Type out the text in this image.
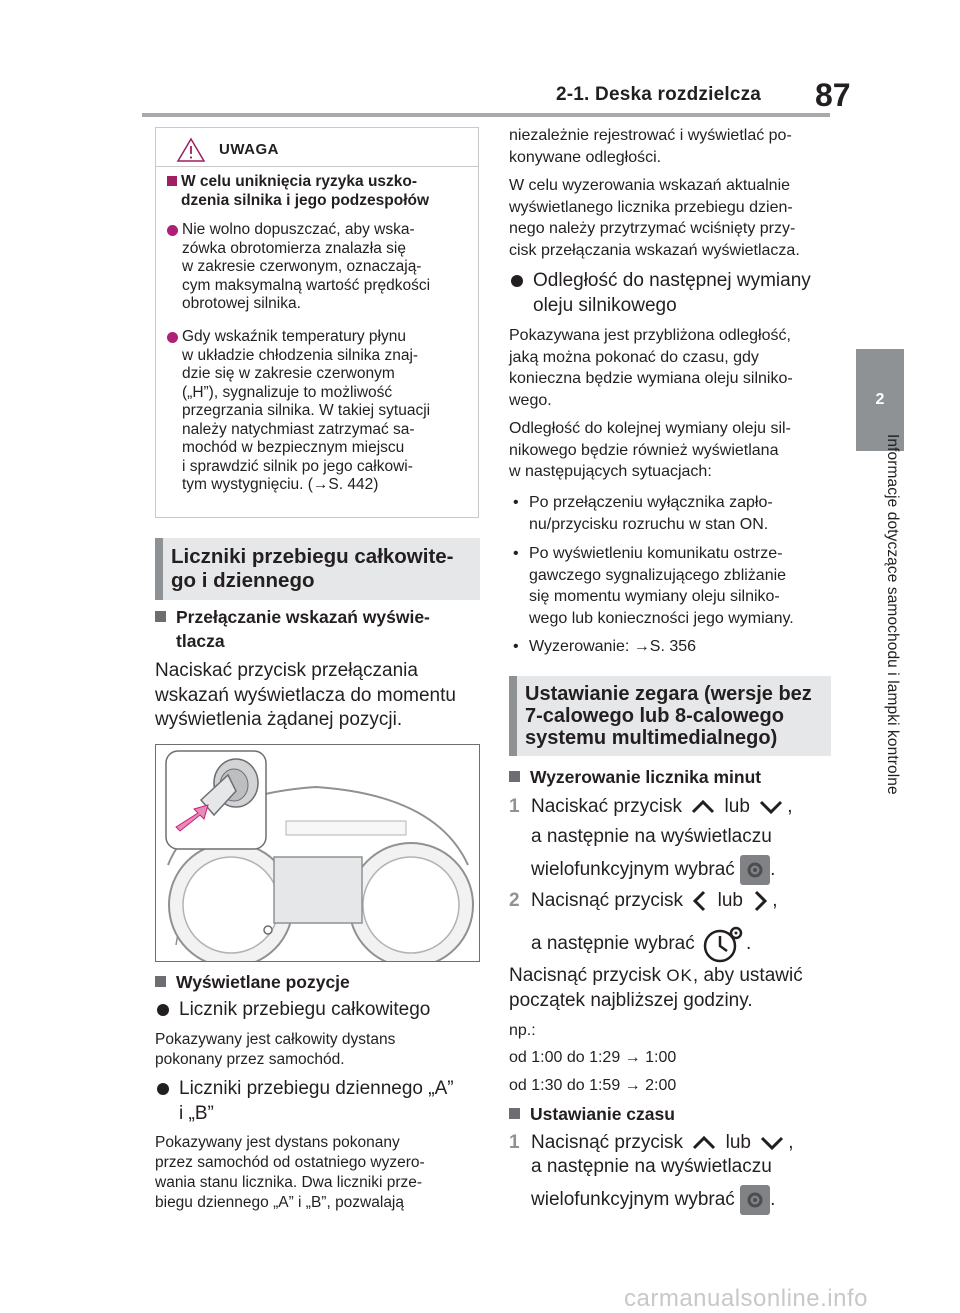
2-1. Deska rozdzielcza 87
2
Informacje dotyczące samochodu i lampki kontrolne
UWAGA
W celu uniknięcia ryzyka uszko-
dzenia silnika i jego podzespołów
Nie wolno dopuszczać, aby wska-
zówka obrotomierza znalazła się
w zakresie czerwonym, oznaczają-
cym maksymalną wartość prędkości
obrotowej silnika.
Gdy wskaźnik temperatury płynu
w układzie chłodzenia silnika znaj-
dzie się w zakresie czerwonym
(„H”), sygnalizuje to możliwość
przegrzania silnika. W takiej sytuacji
należy natychmiast zatrzymać sa-
mochód w bezpiecznym miejscu
i sprawdzić silnik po jego całkowi-
tym wystygnięciu. (→S. 442)
Liczniki przebiegu całkowite-
go i dziennego
Przełączanie wskazań wyświe-
tlacza
Naciskać przycisk przełączania
wskazań wyświetlacza do momentu
wyświetlenia żądanej pozycji.
Wyświetlane pozycje
Licznik przebiegu całkowitego
Pokazywany jest całkowity dystans
pokonany przez samochód.
Liczniki przebiegu dziennego „A”
i „B”
Pokazywany jest dystans pokonany
przez samochód od ostatniego wyzero-
wania stanu licznika. Dwa liczniki prze-
biegu dziennego „A” i „B”, pozwalają
niezależnie rejestrować i wyświetlać po-
konywane odległości.
W celu wyzerowania wskazań aktualnie
wyświetlanego licznika przebiegu dzien-
nego należy przytrzymać wciśnięty przy-
cisk przełączania wskazań wyświetlacza.
Odległość do następnej wymiany
oleju silnikowego
Pokazywana jest przybliżona odległość,
jaką można pokonać do czasu, gdy
konieczna będzie wymiana oleju silniko-
wego.
Odległość do kolejnej wymiany oleju sil-
nikowego będzie również wyświetlana
w następujących sytuacjach:
• Po przełączeniu wyłącznika zapło-
nu/przycisku rozruchu w stan ON.
• Po wyświetleniu komunikatu ostrze-
gawczego sygnalizującego zbliżanie
się momentu wymiany oleju silniko-
wego lub konieczności jego wymiany.
• Wyzerowanie: →S. 356
Ustawianie zegara (wersje bez
7-calowego lub 8-calowego
systemu multimedialnego)
Wyzerowanie licznika minut
1 Naciskać przycisk lub ,
a następnie na wyświetlaczu
wielofunkcyjnym wybrać .
2 Nacisnąć przycisk lub ,
a następnie wybrać	.
Nacisnąć przycisk OK, aby ustawić
początek najbliższej godziny.
np.:
od 1:00 do 1:29 → 1:00
od 1:30 do 1:59 → 2:00
Ustawianie czasu
1 Nacisnąć przycisk lub ,
a następnie na wyświetlaczu
wielofunkcyjnym wybrać .
carmanualsonline.info
